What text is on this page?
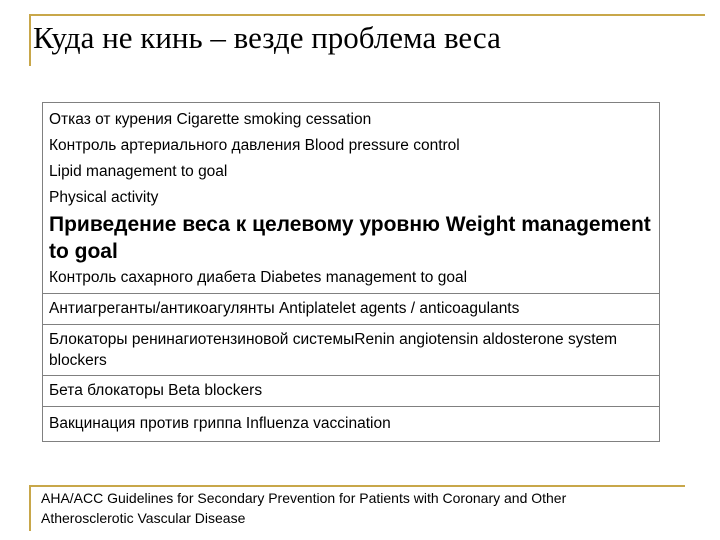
Куда не кинь – везде проблема веса
Отказ от курения Cigarette smoking cessation
Контроль артериального давления Blood pressure control
Lipid management to goal
Physical activity
Приведение веса к целевому уровню Weight management to goal
Контроль сахарного диабета Diabetes management to goal
Антиагреганты/антикоагулянты Antiplatelet agents / anticoagulants
Блокаторы ренинагиотензиновой системыRenin angiotensin aldosterone system blockers
Бета блокаторы Beta blockers
Вакцинация против гриппа Influenza vaccination
AHA/ACC Guidelines for Secondary Prevention for Patients with Coronary and Other Atherosclerotic Vascular Disease
